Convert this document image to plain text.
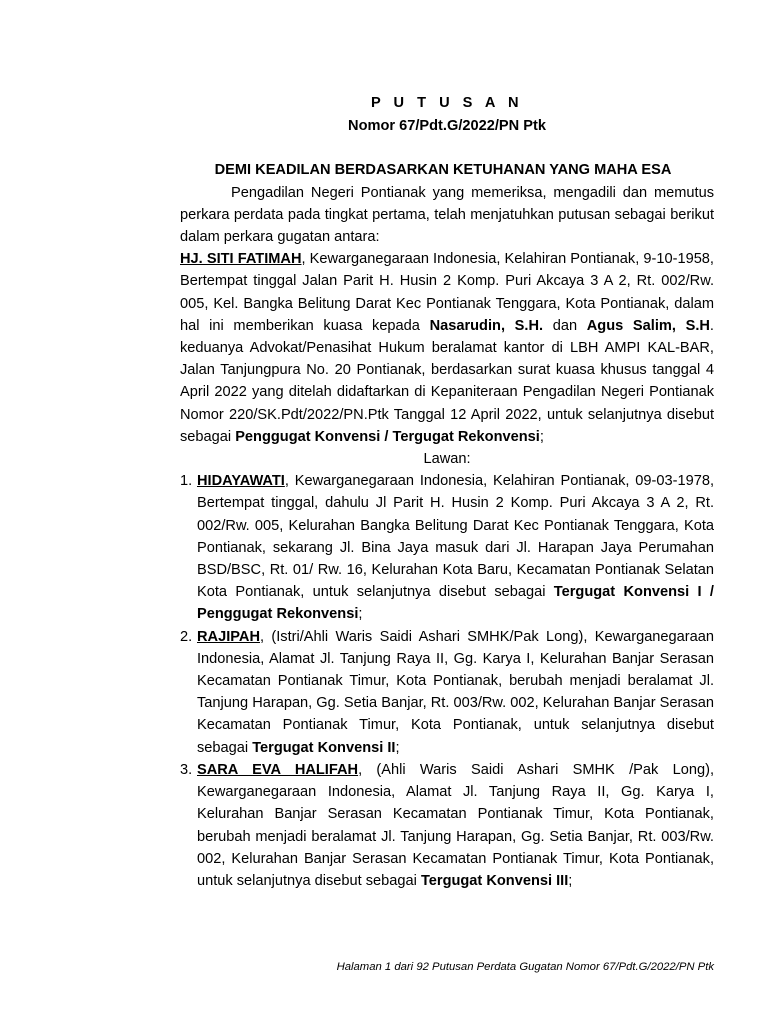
P U T U S A N

Nomor 67/Pdt.G/2022/PN Ptk

DEMI KEADILAN BERDASARKAN KETUHANAN YANG MAHA ESA

Pengadilan Negeri Pontianak yang memeriksa, mengadili dan memutus perkara perdata pada tingkat pertama, telah menjatuhkan putusan sebagai berikut dalam perkara gugatan antara:

HJ. SITI FATIMAH, Kewarganegaraan Indonesia, Kelahiran Pontianak, 9-10-1958, Bertempat tinggal Jalan Parit H. Husin 2 Komp. Puri Akcaya 3 A 2, Rt. 002/Rw. 005, Kel. Bangka Belitung Darat Kec Pontianak Tenggara, Kota Pontianak, dalam hal ini memberikan kuasa kepada Nasarudin, S.H. dan Agus Salim, S.H. keduanya Advokat/Penasihat Hukum beralamat kantor di LBH AMPI KAL-BAR, Jalan Tanjungpura No. 20 Pontianak, berdasarkan surat kuasa khusus tanggal 4 April 2022 yang ditelah didaftarkan di Kepaniteraan Pengadilan Negeri Pontianak Nomor 220/SK.Pdt/2022/PN.Ptk Tanggal 12 April 2022, untuk selanjutnya disebut sebagai Penggugat Konvensi / Tergugat Rekonvensi;

Lawan:

1. HIDAYAWATI, Kewarganegaraan Indonesia, Kelahiran Pontianak, 09-03-1978, Bertempat tinggal, dahulu Jl Parit H. Husin 2 Komp. Puri Akcaya 3 A 2, Rt. 002/Rw. 005, Kelurahan Bangka Belitung Darat Kec Pontianak Tenggara, Kota Pontianak, sekarang Jl. Bina Jaya masuk dari Jl. Harapan Jaya Perumahan BSD/BSC, Rt. 01/ Rw. 16, Kelurahan Kota Baru, Kecamatan Pontianak Selatan Kota Pontianak, untuk selanjutnya disebut sebagai Tergugat Konvensi I / Penggugat Rekonvensi;
2. RAJIPAH, (Istri/Ahli Waris Saidi Ashari SMHK/Pak Long), Kewarganegaraan Indonesia, Alamat Jl. Tanjung Raya II, Gg. Karya I, Kelurahan Banjar Serasan Kecamatan Pontianak Timur, Kota Pontianak, berubah menjadi beralamat Jl. Tanjung Harapan, Gg. Setia Banjar, Rt. 003/Rw. 002, Kelurahan Banjar Serasan Kecamatan Pontianak Timur, Kota Pontianak, untuk selanjutnya disebut sebagai Tergugat Konvensi II;
3. SARA EVA HALIFAH, (Ahli Waris Saidi Ashari SMHK /Pak Long), Kewarganegaraan Indonesia, Alamat Jl. Tanjung Raya II, Gg. Karya I, Kelurahan Banjar Serasan Kecamatan Pontianak Timur, Kota Pontianak, berubah menjadi beralamat Jl. Tanjung Harapan, Gg. Setia Banjar, Rt. 003/Rw. 002, Kelurahan Banjar Serasan Kecamatan Pontianak Timur, Kota Pontianak, untuk selanjutnya disebut sebagai Tergugat Konvensi III;
Halaman 1 dari 92 Putusan Perdata Gugatan Nomor 67/Pdt.G/2022/PN Ptk
